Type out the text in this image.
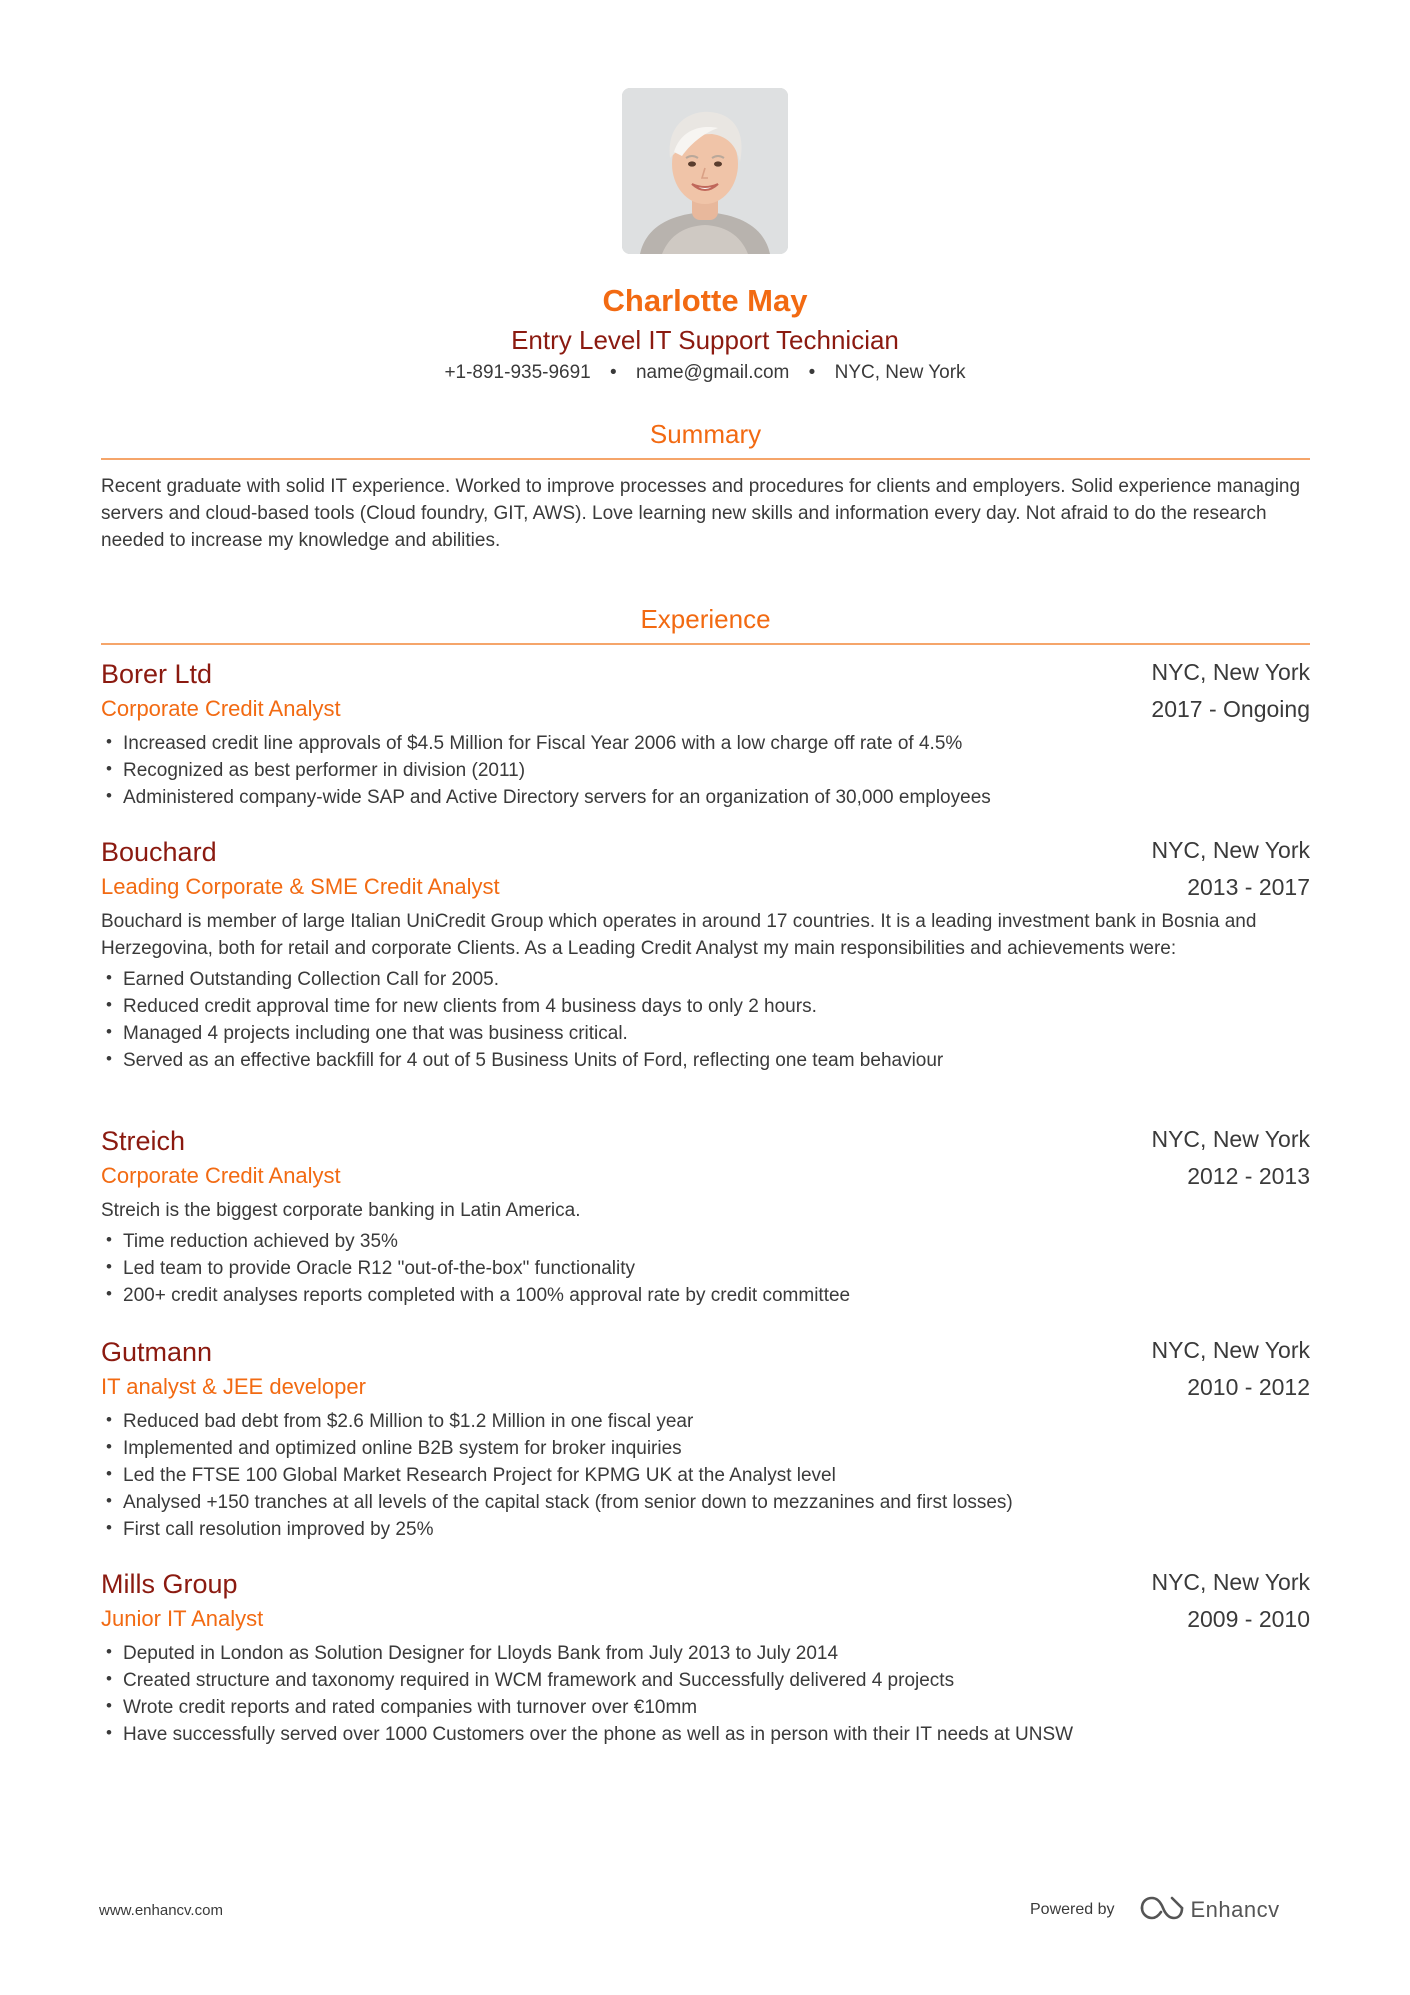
Charlotte May
Entry Level IT Support Technician
+1-891-935-9691 • name@gmail.com • NYC, New York
Summary
Recent graduate with solid IT experience. Worked to improve processes and procedures for clients and employers. Solid experience managing servers and cloud-based tools (Cloud foundry, GIT, AWS). Love learning new skills and information every day. Not afraid to do the research needed to increase my knowledge and abilities.
Experience
Borer Ltd	NYC, New York
Corporate Credit Analyst	2017 - Ongoing
• Increased credit line approvals of $4.5 Million for Fiscal Year 2006 with a low charge off rate of 4.5%
• Recognized as best performer in division (2011)
• Administered company-wide SAP and Active Directory servers for an organization of 30,000 employees
Bouchard	NYC, New York
Leading Corporate & SME Credit Analyst	2013 - 2017
Bouchard is member of large Italian UniCredit Group which operates in around 17 countries. It is a leading investment bank in Bosnia and Herzegovina, both for retail and corporate Clients. As a Leading Credit Analyst my main responsibilities and achievements were:
• Earned Outstanding Collection Call for 2005.
• Reduced credit approval time for new clients from 4 business days to only 2 hours.
• Managed 4 projects including one that was business critical.
• Served as an effective backfill for 4 out of 5 Business Units of Ford, reflecting one team behaviour
Streich	NYC, New York
Corporate Credit Analyst	2012 - 2013
Streich is the biggest corporate banking in Latin America.
• Time reduction achieved by 35%
• Led team to provide Oracle R12 "out-of-the-box" functionality
• 200+ credit analyses reports completed with a 100% approval rate by credit committee
Gutmann	NYC, New York
IT analyst & JEE developer	2010 - 2012
• Reduced bad debt from $2.6 Million to $1.2 Million in one fiscal year
• Implemented and optimized online B2B system for broker inquiries
• Led the FTSE 100 Global Market Research Project for KPMG UK at the Analyst level
• Analysed +150 tranches at all levels of the capital stack (from senior down to mezzanines and first losses)
• First call resolution improved by 25%
Mills Group	NYC, New York
Junior IT Analyst	2009 - 2010
• Deputed in London as Solution Designer for Lloyds Bank from July 2013 to July 2014
• Created structure and taxonomy required in WCM framework and Successfully delivered 4 projects
• Wrote credit reports and rated companies with turnover over €10mm
• Have successfully served over 1000 Customers over the phone as well as in person with their IT needs at UNSW
www.enhancv.com	Powered by	Enhancv
